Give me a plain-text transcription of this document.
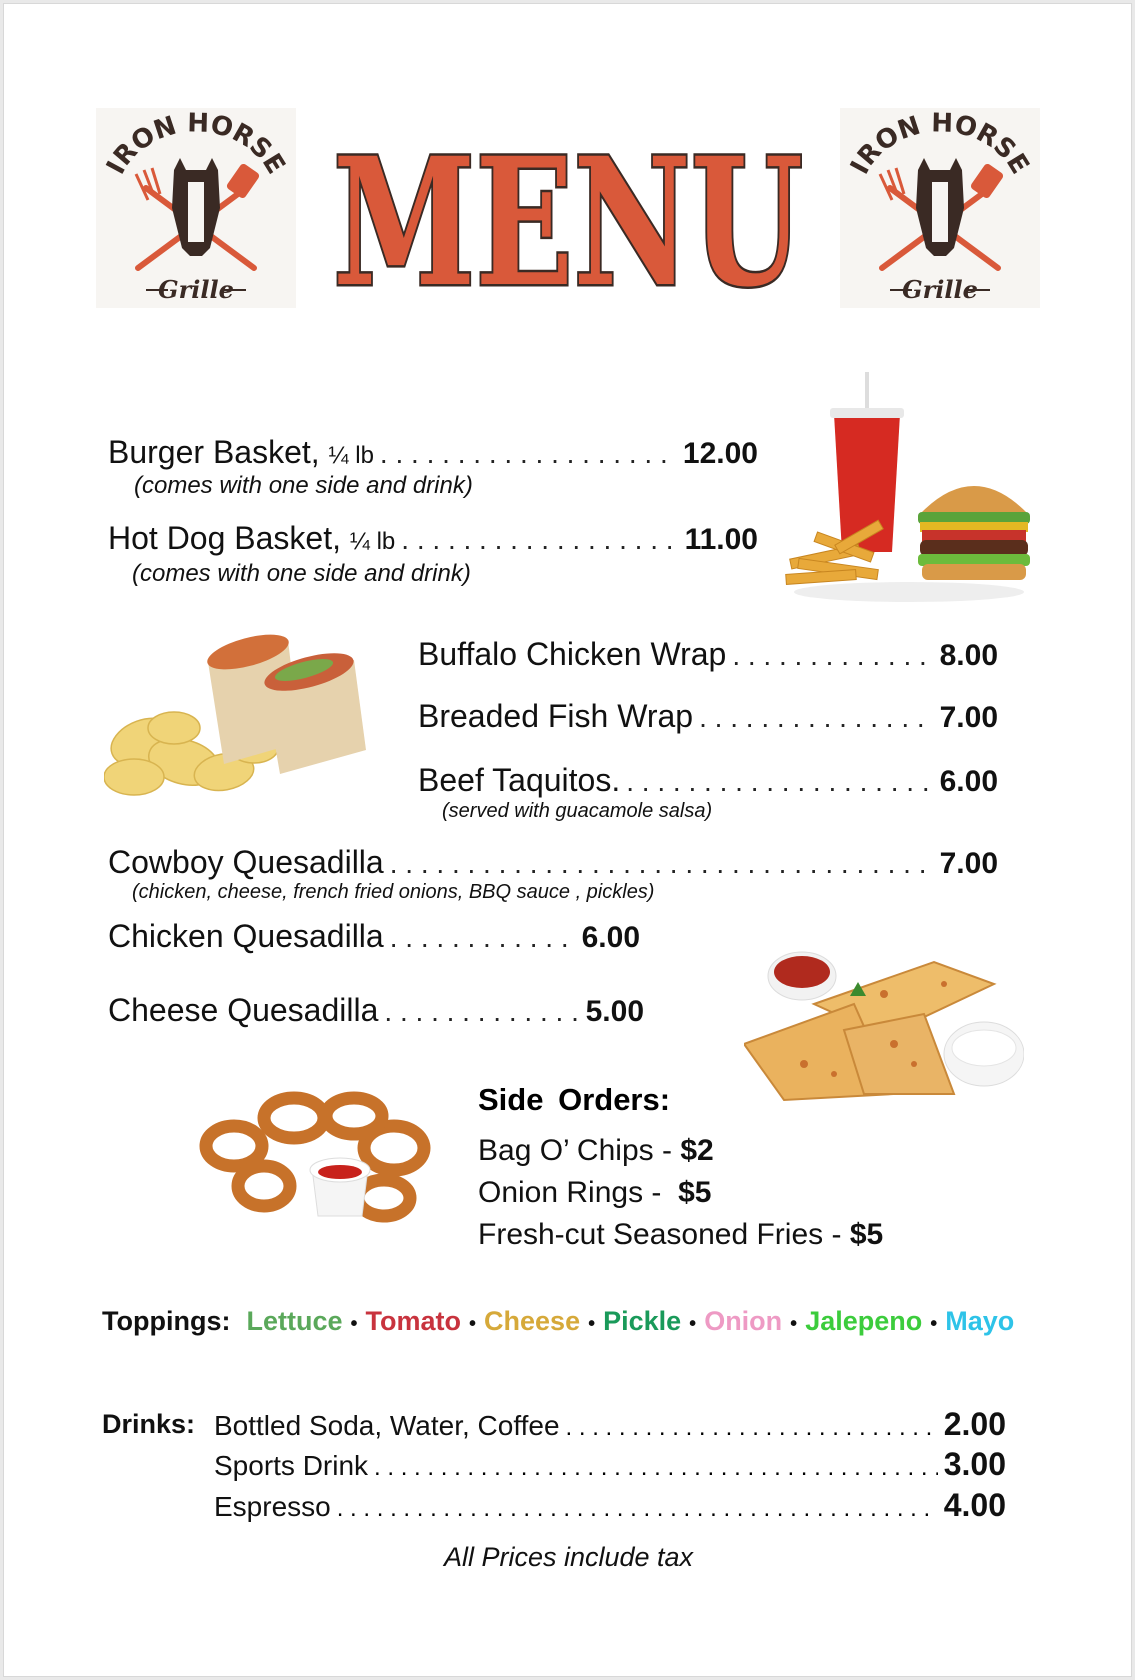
IRON HORSE
Grille MENU IRON HORSE
Grille
Burger Basket, ¼ lb . . .	12.00
(comes with one side and drink)
Hot Dog Basket, ¼ lb . . .	11.00
(comes with one side and drink)
Buffalo Chicken Wrap . . .	8.00
Breaded Fish Wrap . . .	7.00
Beef Taquitos. . . .	6.00
(served with guacamole salsa)
Cowboy Quesadilla . . .	7.00
(chicken, cheese, french fried onions, BBQ sauce , pickles)
Chicken Quesadilla . . .	6.00
Cheese Quesadilla . . .	5.00
Side Orders:
Bag O’ Chips - $2
Onion Rings - $5
Fresh-cut Seasoned Fries - $5
Toppings: Lettuce • Tomato • Cheese • Pickle • Onion • Jalepeno • Mayo
Drinks: Bottled Soda, Water, Coffee . . .	2.00
Sports Drink . . .	3.00
Espresso . . .	4.00
All Prices include tax
